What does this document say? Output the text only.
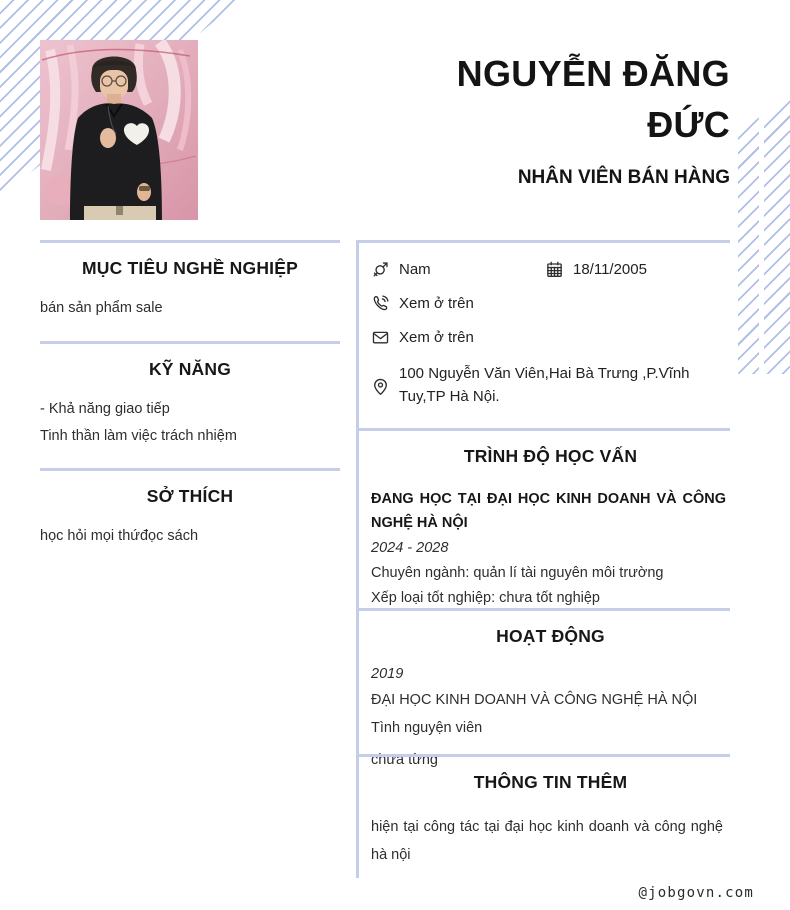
NGUYỄN ĐĂNG ĐỨC
NHÂN VIÊN BÁN HÀNG
MỤC TIÊU NGHỀ NGHIỆP
bán sản phẩm sale
KỸ NĂNG
- Khả năng giao tiếp
Tinh thần làm việc trách nhiệm
SỞ THÍCH
học hỏi mọi thứđọc sách
Nam	18/11/2005
Xem ở trên
Xem ở trên
100 Nguyễn Văn Viên,Hai Bà Trưng ,P.Vĩnh Tuy,TP Hà Nội.
TRÌNH ĐỘ HỌC VẤN
ĐANG HỌC TẠI ĐẠI HỌC KINH DOANH VÀ CÔNG NGHỆ HÀ NỘI
2024 - 2028
Chuyên ngành: quản lí tài nguyên môi trường
Xếp loại tốt nghiệp: chưa tốt nghiệp
HOẠT ĐỘNG
2019
ĐẠI HỌC KINH DOANH VÀ CÔNG NGHỆ HÀ NỘI
Tình nguyện viên
chưa từng
THÔNG TIN THÊM
hiện tại công tác tại đại học kinh doanh và công nghệ hà nội
@jobgovn.com
